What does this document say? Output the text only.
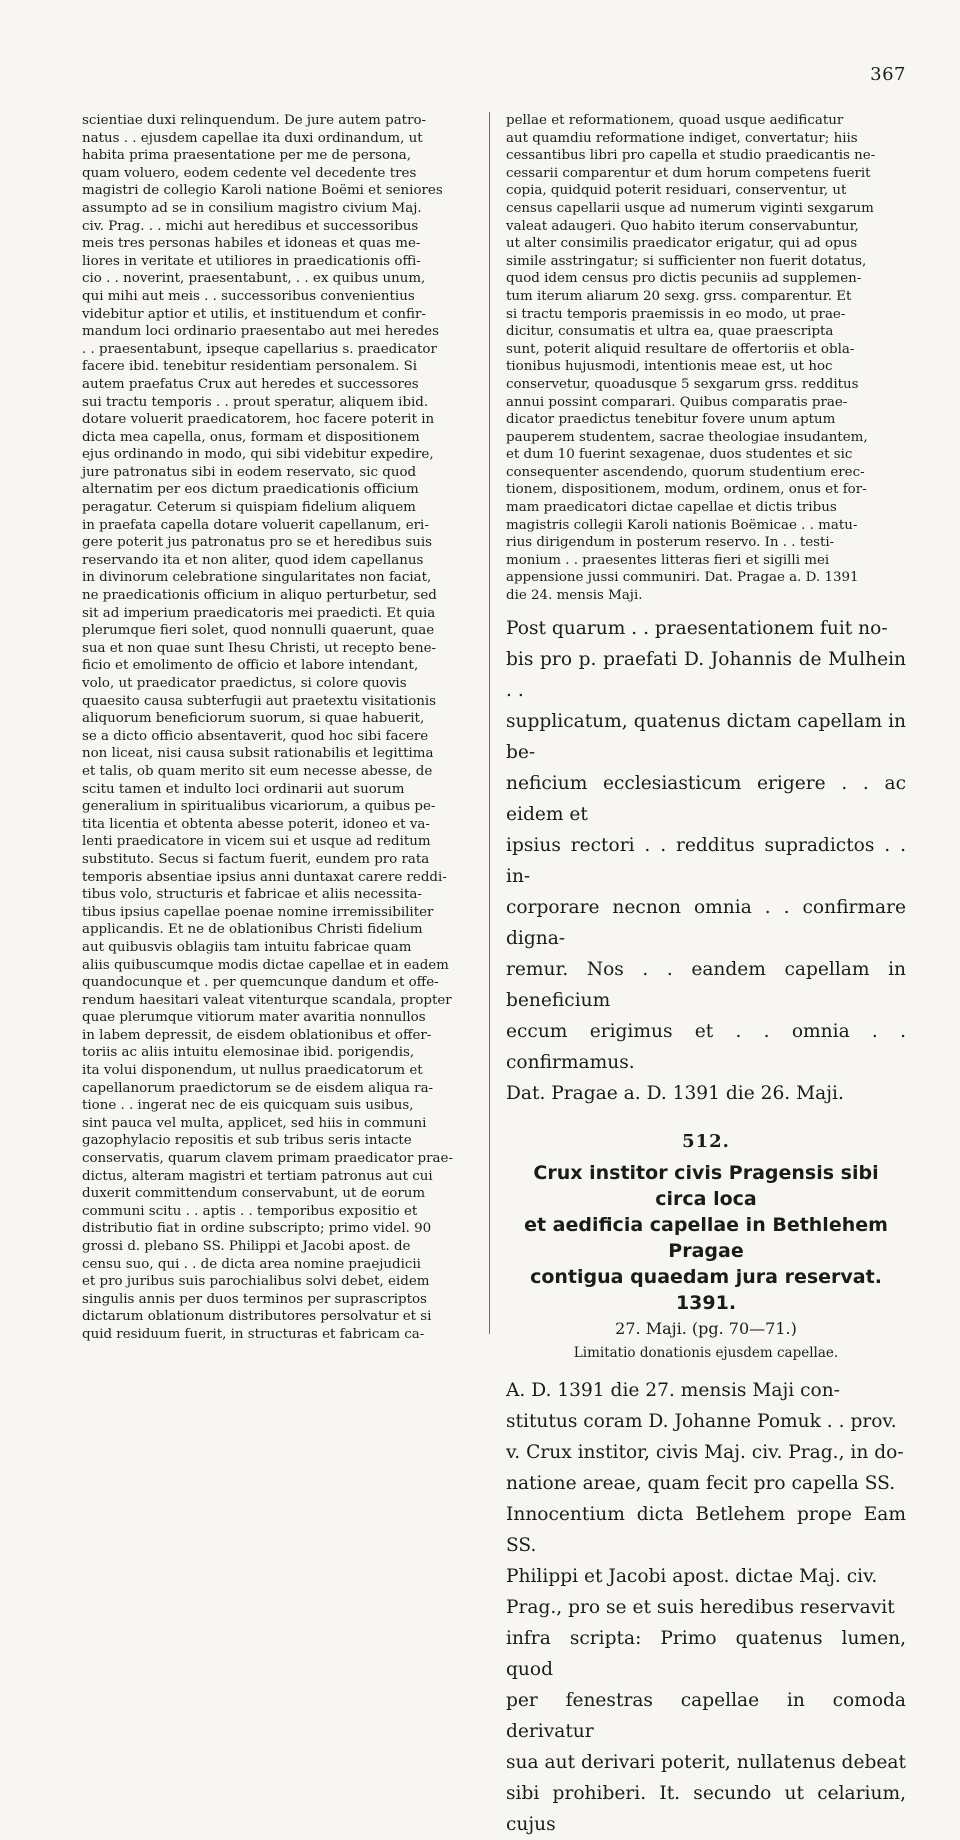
367
scientiae duxi relinquendum. De jure autem patro-
natus . . ejusdem capellae ita duxi ordinandum, ut
habita prima praesentatione per me de persona,
quam voluero, eodem cedente vel decedente tres
magistri de collegio Karoli natione Boëmi et seniores
assumpto ad se in consilium magistro civium Maj.
civ. Prag. . . michi aut heredibus et successoribus
meis tres personas habiles et idoneas et quas me-
liores in veritate et utiliores in praedicationis offi-
cio . . noverint, praesentabunt, . . ex quibus unum,
qui mihi aut meis . . successoribus convenientius
videbitur aptior et utilis, et instituendum et confir-
mandum loci ordinario praesentabo aut mei heredes
. . praesentabunt, ipseque capellarius s. praedicator
facere ibid. tenebitur residentiam personalem. Si
autem praefatus Crux aut heredes et successores
sui tractu temporis . . prout speratur, aliquem ibid.
dotare voluerit praedicatorem, hoc facere poterit in
dicta mea capella, onus, formam et dispositionem
ejus ordinando in modo, qui sibi videbitur expedire,
jure patronatus sibi in eodem reservato, sic quod
alternatim per eos dictum praedicationis officium
peragatur. Ceterum si quispiam fidelium aliquem
in praefata capella dotare voluerit capellanum, eri-
gere poterit jus patronatus pro se et heredibus suis
reservando ita et non aliter, quod idem capellanus
in divinorum celebratione singularitates non faciat,
ne praedicationis officium in aliquo perturbetur, sed
sit ad imperium praedicatoris mei praedicti. Et quia
plerumque fieri solet, quod nonnulli quaerunt, quae
sua et non quae sunt Ihesu Christi, ut recepto bene-
ficio et emolimento de officio et labore intendant,
volo, ut praedicator praedictus, si colore quovis
quaesito causa subterfugii aut praetextu visitationis
aliquorum beneficiorum suorum, si quae habuerit,
se a dicto officio absentaverit, quod hoc sibi facere
non liceat, nisi causa subsit rationabilis et legittima
et talis, ob quam merito sit eum necesse abesse, de
scitu tamen et indulto loci ordinarii aut suorum
generalium in spiritualibus vicariorum, a quibus pe-
tita licentia et obtenta abesse poterit, idoneo et va-
lenti praedicatore in vicem sui et usque ad reditum
substituto. Secus si factum fuerit, eundem pro rata
temporis absentiae ipsius anni duntaxat carere reddi-
tibus volo, structuris et fabricae et aliis necessita-
tibus ipsius capellae poenae nomine irremissibiliter
applicandis. Et ne de oblationibus Christi fidelium
aut quibusvis oblagiis tam intuitu fabricae quam
aliis quibuscumque modis dictae capellae et in eadem
quandocunque et . per quemcunque dandum et offe-
rendum haesitari valeat vitenturque scandala, propter
quae plerumque vitiorum mater avaritia nonnullos
in labem depressit, de eisdem oblationibus et offer-
toriis ac aliis intuitu elemosinae ibid. porigendis,
ita volui disponendum, ut nullus praedicatorum et
capellanorum praedictorum se de eisdem aliqua ra-
tione . . ingerat nec de eis quicquam suis usibus,
sint pauca vel multa, applicet, sed hiis in communi
gazophylacio repositis et sub tribus seris intacte
conservatis, quarum clavem primam praedicator prae-
dictus, alteram magistri et tertiam patronus aut cui
duxerit committendum conservabunt, ut de eorum
communi scitu . . aptis . . temporibus expositio et
distributio fiat in ordine subscripto; primo videl. 90
grossi d. plebano SS. Philippi et Jacobi apost. de
censu suo, qui . . de dicta area nomine praejudicii
et pro juribus suis parochialibus solvi debet, eidem
singulis annis per duos terminos per suprascriptos
dictarum oblationum distributores persolvatur et si
quid residuum fuerit, in structuras et fabricam ca-
pellae et reformationem, quoad usque aedificatur
aut quamdiu reformatione indiget, convertatur; hiis
cessantibus libri pro capella et studio praedicantis ne-
cessarii comparentur et dum horum competens fuerit
copia, quidquid poterit residuari, conserventur, ut
census capellarii usque ad numerum viginti sexgarum
valeat adaugeri. Quo habito iterum conservabuntur,
ut alter consimilis praedicator erigatur, qui ad opus
simile asstringatur; si sufficienter non fuerit dotatus,
quod idem census pro dictis pecuniis ad supplemen-
tum iterum aliarum 20 sexg. grss. comparentur. Et
si tractu temporis praemissis in eo modo, ut prae-
dicitur, consumatis et ultra ea, quae praescripta
sunt, poterit aliquid resultare de offertoriis et obla-
tionibus hujusmodi, intentionis meae est, ut hoc
conservetur, quoadusque 5 sexgarum grss. redditus
annui possint comparari. Quibus comparatis prae-
dicator praedictus tenebitur fovere unum aptum
pauperem studentem, sacrae theologiae insudantem,
et dum 10 fuerint sexagenae, duos studentes et sic
consequenter ascendendo, quorum studentium erec-
tionem, dispositionem, modum, ordinem, onus et for-
mam praedicatori dictae capellae et dictis tribus
magistris collegii Karoli nationis Boëmicae . . matu-
rius dirigendum in posterum reservo. In . . testi-
monium . . praesentes litteras fieri et sigilli mei
appensione jussi communiri. Dat. Pragae a. D. 1391
die 24. mensis Maji.
Post quarum . . praesentationem fuit no-
bis pro p. praefati D. Johannis de Mulhein . .
supplicatum, quatenus dictam capellam in be-
neficium ecclesiasticum erigere . . ac eidem et
ipsius rectori . . redditus supradictos . . in-
corporare necnon omnia . . confirmare digna-
remur. Nos . . eandem capellam in beneficium
eccum erigimus et . . omnia . . confirmamus.
Dat. Pragae a. D. 1391 die 26. Maji.
512.
Crux institor civis Pragensis sibi circa loca
et aedificia capellae in Bethlehem Pragae
contigua quaedam jura reservat. 1391.
27. Maji. (pg. 70—71.)
Limitatio donationis ejusdem capellae.
A. D. 1391 die 27. mensis Maji con-
stitutus coram D. Johanne Pomuk . . prov.
v. Crux institor, civis Maj. civ. Prag., in do-
natione areae, quam fecit pro capella SS.
Innocentium dicta Betlehem prope Eam SS.
Philippi et Jacobi apost. dictae Maj. civ.
Prag., pro se et suis heredibus reservavit
infra scripta: Primo quatenus lumen, quod
per fenestras capellae in comoda derivatur
sua aut derivari poterit, nullatenus debeat
sibi prohiberi. It. secundo ut celarium, cujus
